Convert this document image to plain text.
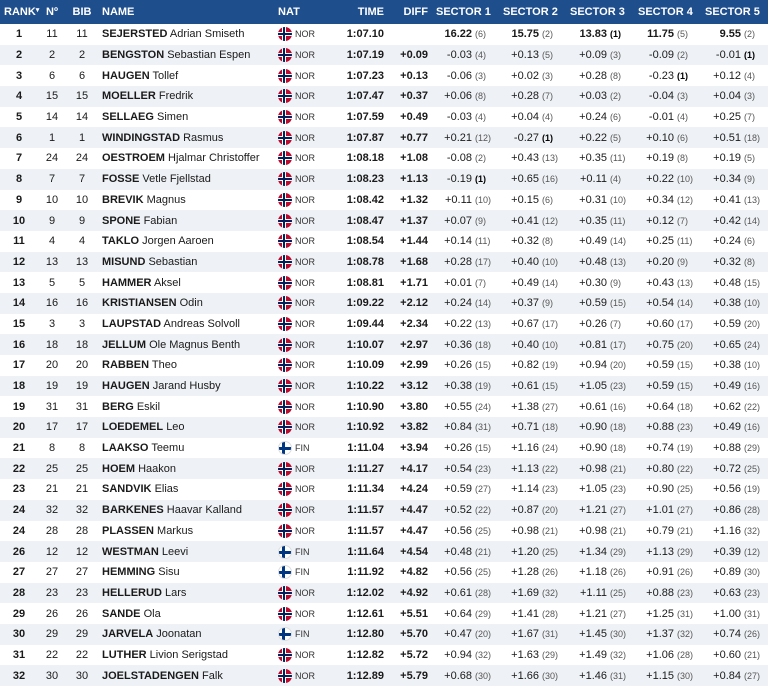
RANK▾	Nº	BIB	NAME	NAT	TIME	DIFF	SECTOR 1	SECTOR 2	SECTOR 3	SECTOR 4	SECTOR 5
1	11	11	SEJERSTED Adrian Smiseth	NOR	1:07.10		16.22 (6)	15.75 (2)	13.83 (1)	11.75 (5)	9.55 (2)
2	2	2	BENGSTON Sebastian Espen	NOR	1:07.19	+0.09	-0.03 (4)	+0.13 (5)	+0.09 (3)	-0.09 (2)	-0.01 (1)
3	6	6	HAUGEN Tollef	NOR	1:07.23	+0.13	-0.06 (3)	+0.02 (3)	+0.28 (8)	-0.23 (1)	+0.12 (4)
4	15	15	MOELLER Fredrik	NOR	1:07.47	+0.37	+0.06 (8)	+0.28 (7)	+0.03 (2)	-0.04 (3)	+0.04 (3)
5	14	14	SELLAEG Simen	NOR	1:07.59	+0.49	-0.03 (4)	+0.04 (4)	+0.24 (6)	-0.01 (4)	+0.25 (7)
6	1	1	WINDINGSTAD Rasmus	NOR	1:07.87	+0.77	+0.21 (12)	-0.27 (1)	+0.22 (5)	+0.10 (6)	+0.51 (18)
7	24	24	OESTROEM Hjalmar Christoffer	NOR	1:08.18	+1.08	-0.08 (2)	+0.43 (13)	+0.35 (11)	+0.19 (8)	+0.19 (5)
8	7	7	FOSSE Vetle Fjellstad	NOR	1:08.23	+1.13	-0.19 (1)	+0.65 (16)	+0.11 (4)	+0.22 (10)	+0.34 (9)
9	10	10	BREVIK Magnus	NOR	1:08.42	+1.32	+0.11 (10)	+0.15 (6)	+0.31 (10)	+0.34 (12)	+0.41 (13)
10	9	9	SPONE Fabian	NOR	1:08.47	+1.37	+0.07 (9)	+0.41 (12)	+0.35 (11)	+0.12 (7)	+0.42 (14)
11	4	4	TAKLO Jorgen Aaroen	NOR	1:08.54	+1.44	+0.14 (11)	+0.32 (8)	+0.49 (14)	+0.25 (11)	+0.24 (6)
12	13	13	MISUND Sebastian	NOR	1:08.78	+1.68	+0.28 (17)	+0.40 (10)	+0.48 (13)	+0.20 (9)	+0.32 (8)
13	5	5	HAMMER Aksel	NOR	1:08.81	+1.71	+0.01 (7)	+0.49 (14)	+0.30 (9)	+0.43 (13)	+0.48 (15)
14	16	16	KRISTIANSEN Odin	NOR	1:09.22	+2.12	+0.24 (14)	+0.37 (9)	+0.59 (15)	+0.54 (14)	+0.38 (10)
15	3	3	LAUPSTAD Andreas Solvoll	NOR	1:09.44	+2.34	+0.22 (13)	+0.67 (17)	+0.26 (7)	+0.60 (17)	+0.59 (20)
16	18	18	JELLUM Ole Magnus Benth	NOR	1:10.07	+2.97	+0.36 (18)	+0.40 (10)	+0.81 (17)	+0.75 (20)	+0.65 (24)
17	20	20	RABBEN Theo	NOR	1:10.09	+2.99	+0.26 (15)	+0.82 (19)	+0.94 (20)	+0.59 (15)	+0.38 (10)
18	19	19	HAUGEN Jarand Husby	NOR	1:10.22	+3.12	+0.38 (19)	+0.61 (15)	+1.05 (23)	+0.59 (15)	+0.49 (16)
19	31	31	BERG Eskil	NOR	1:10.90	+3.80	+0.55 (24)	+1.38 (27)	+0.61 (16)	+0.64 (18)	+0.62 (22)
20	17	17	LOEDEMEL Leo	NOR	1:10.92	+3.82	+0.84 (31)	+0.71 (18)	+0.90 (18)	+0.88 (23)	+0.49 (16)
21	8	8	LAAKSO Teemu	FIN	1:11.04	+3.94	+0.26 (15)	+1.16 (24)	+0.90 (18)	+0.74 (19)	+0.88 (29)
22	25	25	HOEM Haakon	NOR	1:11.27	+4.17	+0.54 (23)	+1.13 (22)	+0.98 (21)	+0.80 (22)	+0.72 (25)
23	21	21	SANDVIK Elias	NOR	1:11.34	+4.24	+0.59 (27)	+1.14 (23)	+1.05 (23)	+0.90 (25)	+0.56 (19)
24	32	32	BARKENES Haavar Kalland	NOR	1:11.57	+4.47	+0.52 (22)	+0.87 (20)	+1.21 (27)	+1.01 (27)	+0.86 (28)
24	28	28	PLASSEN Markus	NOR	1:11.57	+4.47	+0.56 (25)	+0.98 (21)	+0.98 (21)	+0.79 (21)	+1.16 (32)
26	12	12	WESTMAN Leevi	FIN	1:11.64	+4.54	+0.48 (21)	+1.20 (25)	+1.34 (29)	+1.13 (29)	+0.39 (12)
27	27	27	HEMMING Sisu	FIN	1:11.92	+4.82	+0.56 (25)	+1.28 (26)	+1.18 (26)	+0.91 (26)	+0.89 (30)
28	23	23	HELLERUD Lars	NOR	1:12.02	+4.92	+0.61 (28)	+1.69 (32)	+1.11 (25)	+0.88 (23)	+0.63 (23)
29	26	26	SANDE Ola	NOR	1:12.61	+5.51	+0.64 (29)	+1.41 (28)	+1.21 (27)	+1.25 (31)	+1.00 (31)
30	29	29	JARVELA Joonatan	FIN	1:12.80	+5.70	+0.47 (20)	+1.67 (31)	+1.45 (30)	+1.37 (32)	+0.74 (26)
31	22	22	LUTHER Livion Serigstad	NOR	1:12.82	+5.72	+0.94 (32)	+1.63 (29)	+1.49 (32)	+1.06 (28)	+0.60 (21)
32	30	30	JOELSTADENGEN Falk	NOR	1:12.89	+5.79	+0.68 (30)	+1.66 (30)	+1.46 (31)	+1.15 (30)	+0.84 (27)
